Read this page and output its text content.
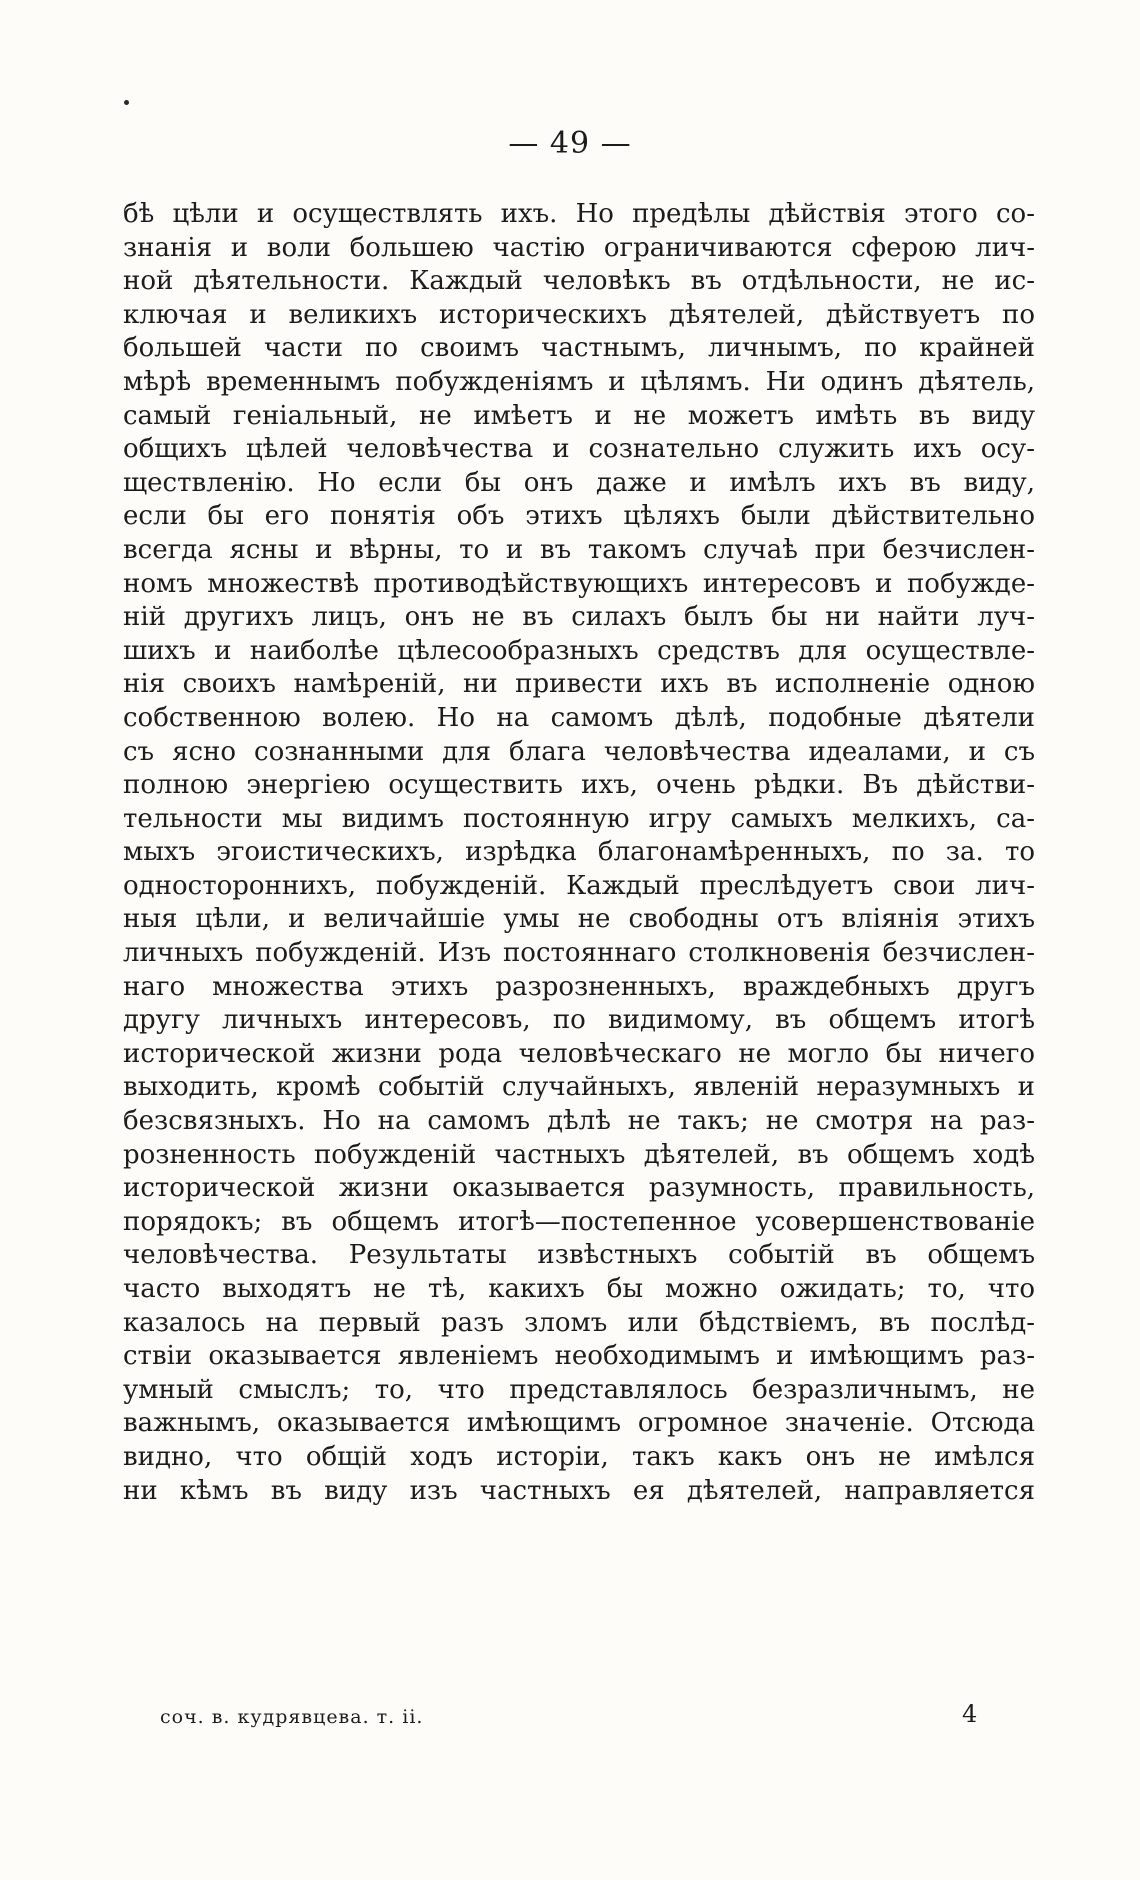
— 49 —
бѣ цѣли и осуществлять ихъ. Но предѣлы дѣйствія этого со-
знанія и воли большею частію ограничиваются сферою лич-
ной дѣятельности. Каждый человѣкъ въ отдѣльности, не ис-
ключая и великихъ историческихъ дѣятелей, дѣйствуетъ по
большей части по своимъ частнымъ, личнымъ, по крайней
мѣрѣ временнымъ побужденіямъ и цѣлямъ. Ни одинъ дѣятель,
самый геніальный, не имѣетъ и не можетъ имѣть въ виду
общихъ цѣлей человѣчества и сознательно служить ихъ осу-
ществленію. Но если бы онъ даже и имѣлъ ихъ въ виду,
если бы его понятія объ этихъ цѣляхъ были дѣйствительно
всегда ясны и вѣрны, то и въ такомъ случаѣ при безчислен-
номъ множествѣ противодѣйствующихъ интересовъ и побужде-
ній другихъ лицъ, онъ не въ силахъ былъ бы ни найти луч-
шихъ и наиболѣе цѣлесообразныхъ средствъ для осуществле-
нія своихъ намѣреній, ни привести ихъ въ исполненіе одною
собственною волею. Но на самомъ дѣлѣ, подобные дѣятели
съ ясно сознанными для блага человѣчества идеалами, и съ
полною энергіею осуществить ихъ, очень рѣдки. Въ дѣйстви-
тельности мы видимъ постоянную игру самыхъ мелкихъ, са-
мыхъ эгоистическихъ, изрѣдка благонамѣренныхъ, по за. то
одностороннихъ, побужденій. Каждый преслѣдуетъ свои лич-
ныя цѣли, и величайшіе умы не свободны отъ вліянія этихъ
личныхъ побужденій. Изъ постояннаго столкновенія безчислен-
наго множества этихъ разрозненныхъ, враждебныхъ другъ
другу личныхъ интересовъ, по видимому, въ общемъ итогѣ
исторической жизни рода человѣческаго не могло бы ничего
выходить, кромѣ событій случайныхъ, явленій неразумныхъ и
безсвязныхъ. Но на самомъ дѣлѣ не такъ; не смотря на раз-
розненность побужденій частныхъ дѣятелей, въ общемъ ходѣ
исторической жизни оказывается разумность, правильность,
порядокъ; въ общемъ итогѣ—постепенное усовершенствованіе
человѣчества. Результаты извѣстныхъ событій въ общемъ
часто выходятъ не тѣ, какихъ бы можно ожидать; то, что
казалось на первый разъ зломъ или бѣдствіемъ, въ послѣд-
ствіи оказывается явленіемъ необходимымъ и имѣющимъ раз-
умный смыслъ; то, что представлялось безразличнымъ, не
важнымъ, оказывается имѣющимъ огромное значеніе. Отсюда
видно, что общій ходъ исторіи, такъ какъ онъ не имѣлся
ни кѣмъ въ виду изъ частныхъ ея дѣятелей, направляется
соч. в. кудрявцева. т. ii.	4
